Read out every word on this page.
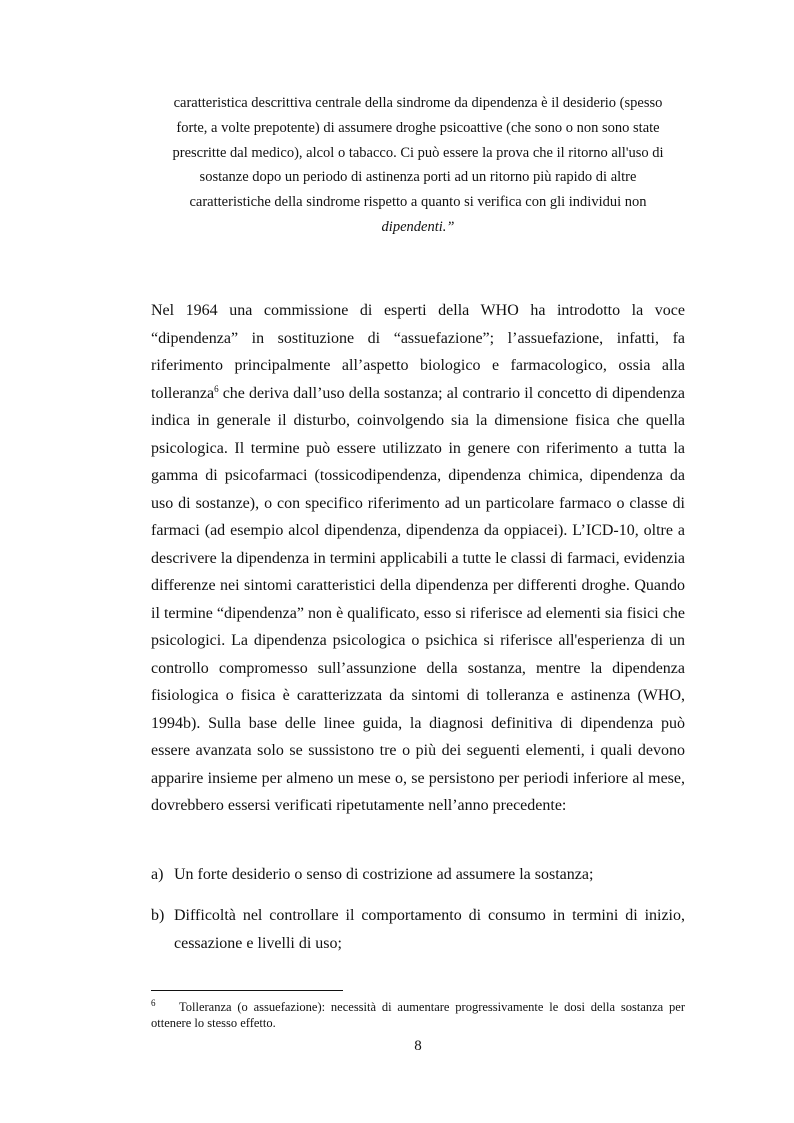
caratteristica descrittiva centrale della sindrome da dipendenza è il desiderio (spesso
forte, a volte prepotente) di assumere droghe psicoattive (che sono o non sono state
prescritte dal medico), alcol o tabacco. Ci può essere la prova che il ritorno all'uso di
sostanze dopo un periodo di astinenza porti ad un ritorno più rapido di altre
caratteristiche della sindrome rispetto a quanto si verifica con gli individui non
dipendenti.”

Nel 1964 una commissione di esperti della WHO ha introdotto la voce “dipendenza” in sostituzione di “assuefazione”; l’assuefazione, infatti, fa riferimento principalmente all’aspetto biologico e farmacologico, ossia alla tolleranza$^6$ che deriva dall’uso della sostanza; al contrario il concetto di dipendenza indica in generale il disturbo, coinvolgendo sia la dimensione fisica che quella psicologica. Il termine può essere utilizzato in genere con riferimento a tutta la gamma di psicofarmaci (tossicodipendenza, dipendenza chimica, dipendenza da uso di sostanze), o con specifico riferimento ad un particolare farmaco o classe di farmaci (ad esempio alcol dipendenza, dipendenza da oppiacei). L’ICD-10, oltre a descrivere la dipendenza in termini applicabili a tutte le classi di farmaci, evidenzia differenze nei sintomi caratteristici della dipendenza per differenti droghe. Quando il termine “dipendenza” non è qualificato, esso si riferisce ad elementi sia fisici che psicologici. La dipendenza psicologica o psichica si riferisce all'esperienza di un controllo compromesso sull’assunzione della sostanza, mentre la dipendenza fisiologica o fisica è caratterizzata da sintomi di tolleranza e astinenza (WHO, 1994b). Sulla base delle linee guida, la diagnosi definitiva di dipendenza può essere avanzata solo se sussistono tre o più dei seguenti elementi, i quali devono apparire insieme per almeno un mese o, se persistono per periodi inferiore al mese, dovrebbero essersi verificati ripetutamente nell’anno precedente:

a) Un forte desiderio o senso di costrizione ad assumere la sostanza;
b) Difficoltà nel controllare il comportamento di consumo in termini di inizio, cessazione e livelli di uso;
6 Tolleranza (o assuefazione): necessità di aumentare progressivamente le dosi della sostanza per ottenere lo stesso effetto.
8
